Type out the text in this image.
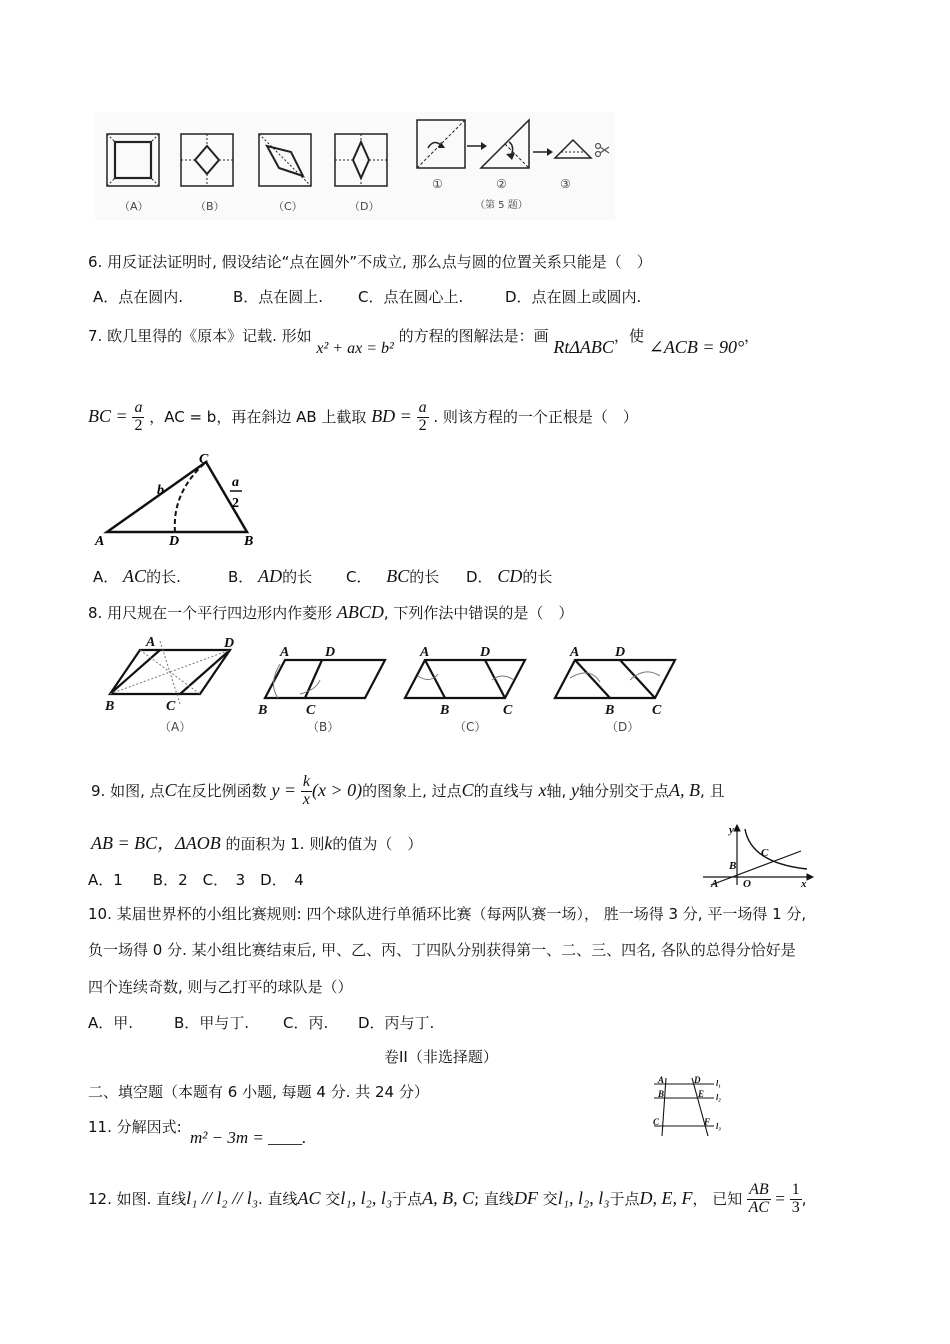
（A）	（B）	（C）	（D）
①	②	③
（第 5 题）
6. 用反证法证明时, 假设结论“点在圆外”不成立, 那么点与圆的位置关系只能是（　）
A．点在圆内.	B．点在圆上. C．点在圆心上.	D．点在圆上或圆内.
7. 欧几里得的《原本》记载. 形如 x² + ax = b² 的方程的图解法是：画 RtΔABC，使 ∠ACB = 90°，
BC = $\frac{a}{2}$ ，AC = b，再在斜边 AB 上截取 BD = $\frac{a}{2}$ . 则该方程的一个正根是（　）
A	D	B
C
b
a
2
A． AC的长.	B． AD的长 C． BC的长 D． CD的长
8. 用尺规在一个平行四边形内作菱形 ABCD, 下列作法中错误的是（　）
A	D
B	C
A	D
B	C
A	D
B	C
A	D
B	C
（A）	（B）	（C）	（D）
9. 如图, 点C在反比例函数 $y = \frac{k}{x} (x > 0)$的图象上, 过点C的直线与 x轴, y轴分别交于点A, B, 且
AB = BC，ΔAOB 的面积为 1. 则k的值为（　）
A．1　　B．2　C．　3　D．　4
y
x
A
B
C
O
10. 某届世界杯的小组比赛规则: 四个球队进行单循环比赛（每两队赛一场）， 胜一场得 3 分, 平一场得 1 分,
负一场得 0 分. 某小组比赛结束后, 甲、乙、丙、丁四队分别获得第一、二、三、四名, 各队的总得分恰好是
四个连续奇数, 则与乙打平的球队是（）
A．甲.	B．甲与丁. C．丙. D．丙与丁.
卷II（非选择题）
二、填空题（本题有 6 小题, 每题 4 分. 共 24 分）
A
B
C
D
E
F
l₁
l₂
l₃
11. 分解因式:
m² − 3m = ____.
12. 如图. 直线l₁ // l₂ // l₃. 直线AC 交l₁, l₂, l₃于点A, B, C; 直线DF 交l₁, l₂, l₃于点D, E, F， 已知 $\frac{AB}{AC} = \frac{1}{3}$ ,
